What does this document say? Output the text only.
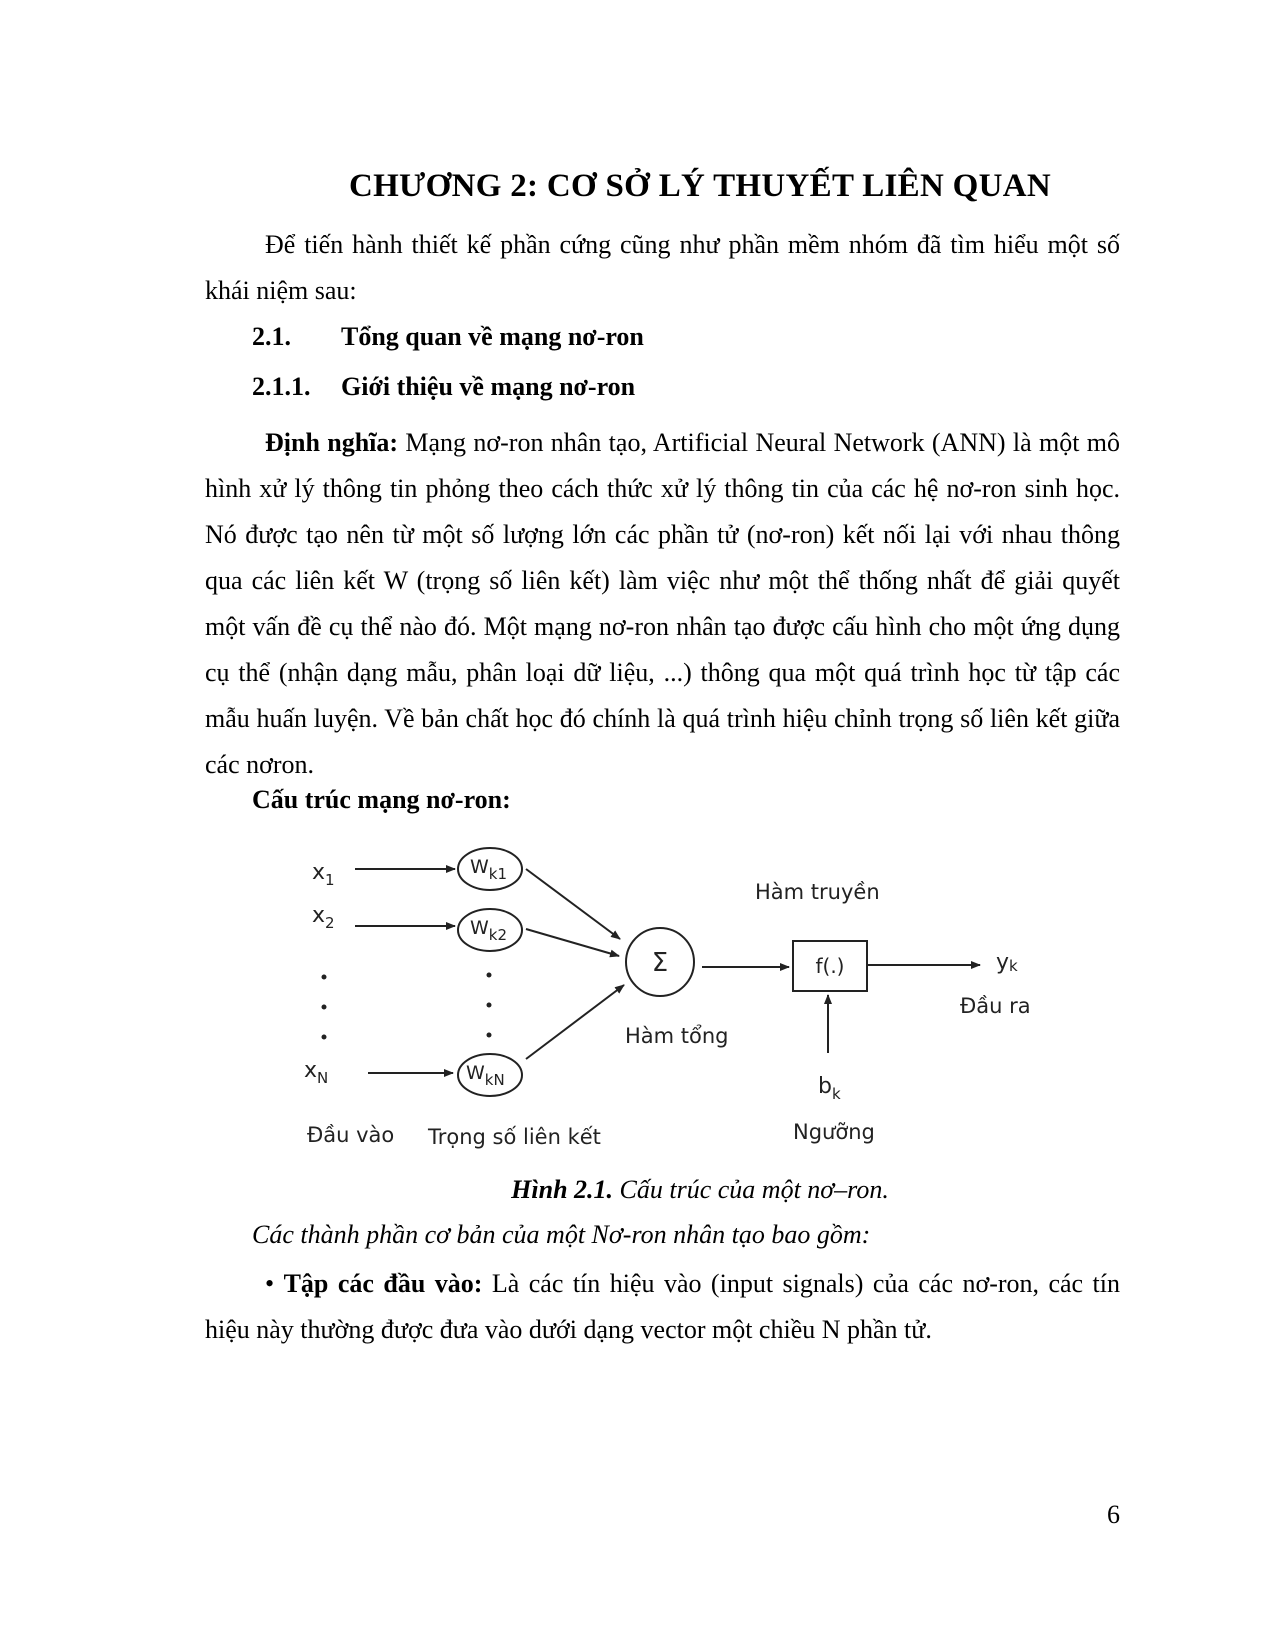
CHƯƠNG 2: CƠ SỞ LÝ THUYẾT LIÊN QUAN
Để tiến hành thiết kế phần cứng cũng như phần mềm nhóm đã tìm hiểu một số khái niệm sau:
2.1. Tổng quan về mạng nơ-ron
2.1.1. Giới thiệu về mạng nơ-ron
Định nghĩa: Mạng nơ-ron nhân tạo, Artificial Neural Network (ANN) là một mô hình xử lý thông tin phỏng theo cách thức xử lý thông tin của các hệ nơ-ron sinh học. Nó được tạo nên từ một số lượng lớn các phần tử (nơ-ron) kết nối lại với nhau thông qua các liên kết W (trọng số liên kết) làm việc như một thể thống nhất để giải quyết một vấn đề cụ thể nào đó. Một mạng nơ-ron nhân tạo được cấu hình cho một ứng dụng cụ thể (nhận dạng mẫu, phân loại dữ liệu, ...) thông qua một quá trình học từ tập các mẫu huấn luyện. Về bản chất học đó chính là quá trình hiệu chỉnh trọng số liên kết giữa các nơron.
Cấu trúc mạng nơ-ron:
$x_1$
$x_2$
$x_N$
$W_{k1}$
$W_{k2}$
$W_{kN}$
Σ
Hàm tổng
Hàm truyền
f(.)	yk
Đầu ra
$b_k$
Ngưỡng
Đầu vào Trọng số liên kết
Hình 2.1. Cấu trúc của một nơ–ron.
Các thành phần cơ bản của một Nơ-ron nhân tạo bao gồm:
• Tập các đầu vào: Là các tín hiệu vào (input signals) của các nơ-ron, các tín hiệu này thường được đưa vào dưới dạng vector một chiều N phần tử.
6
